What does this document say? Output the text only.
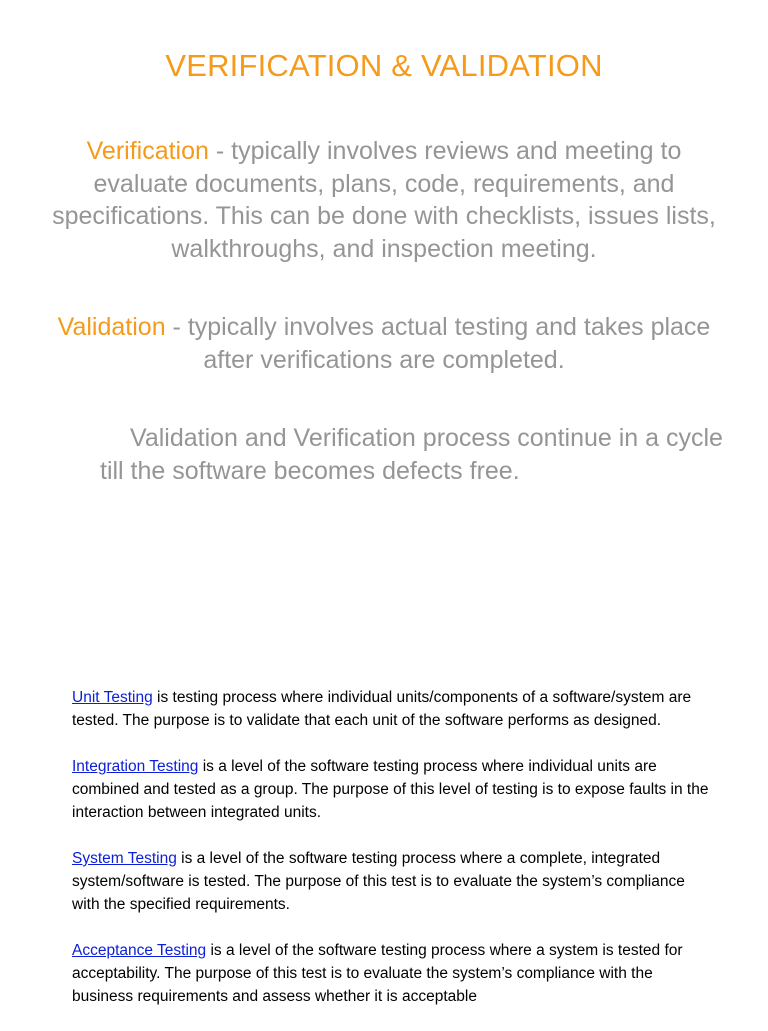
VERIFICATION & VALIDATION
Verification - typically involves reviews and meeting to evaluate documents, plans, code, requirements, and specifications. This can be done with checklists, issues lists, walkthroughs, and inspection meeting.
Validation - typically involves actual testing and takes place after verifications are completed.
Validation and Verification process continue in a cycle till the software becomes defects free.

Unit Testing is testing process where individual units/components of a software/system are tested. The purpose is to validate that each unit of the software performs as designed.

Integration Testing is a level of the software testing process where individual units are combined and tested as a group. The purpose of this level of testing is to expose faults in the interaction between integrated units.

System Testing is a level of the software testing process where a complete, integrated system/software is tested. The purpose of this test is to evaluate the system’s compliance with the specified requirements.

Acceptance Testing is a level of the software testing process where a system is tested for acceptability. The purpose of this test is to evaluate the system’s compliance with the business requirements and assess whether it is acceptable
